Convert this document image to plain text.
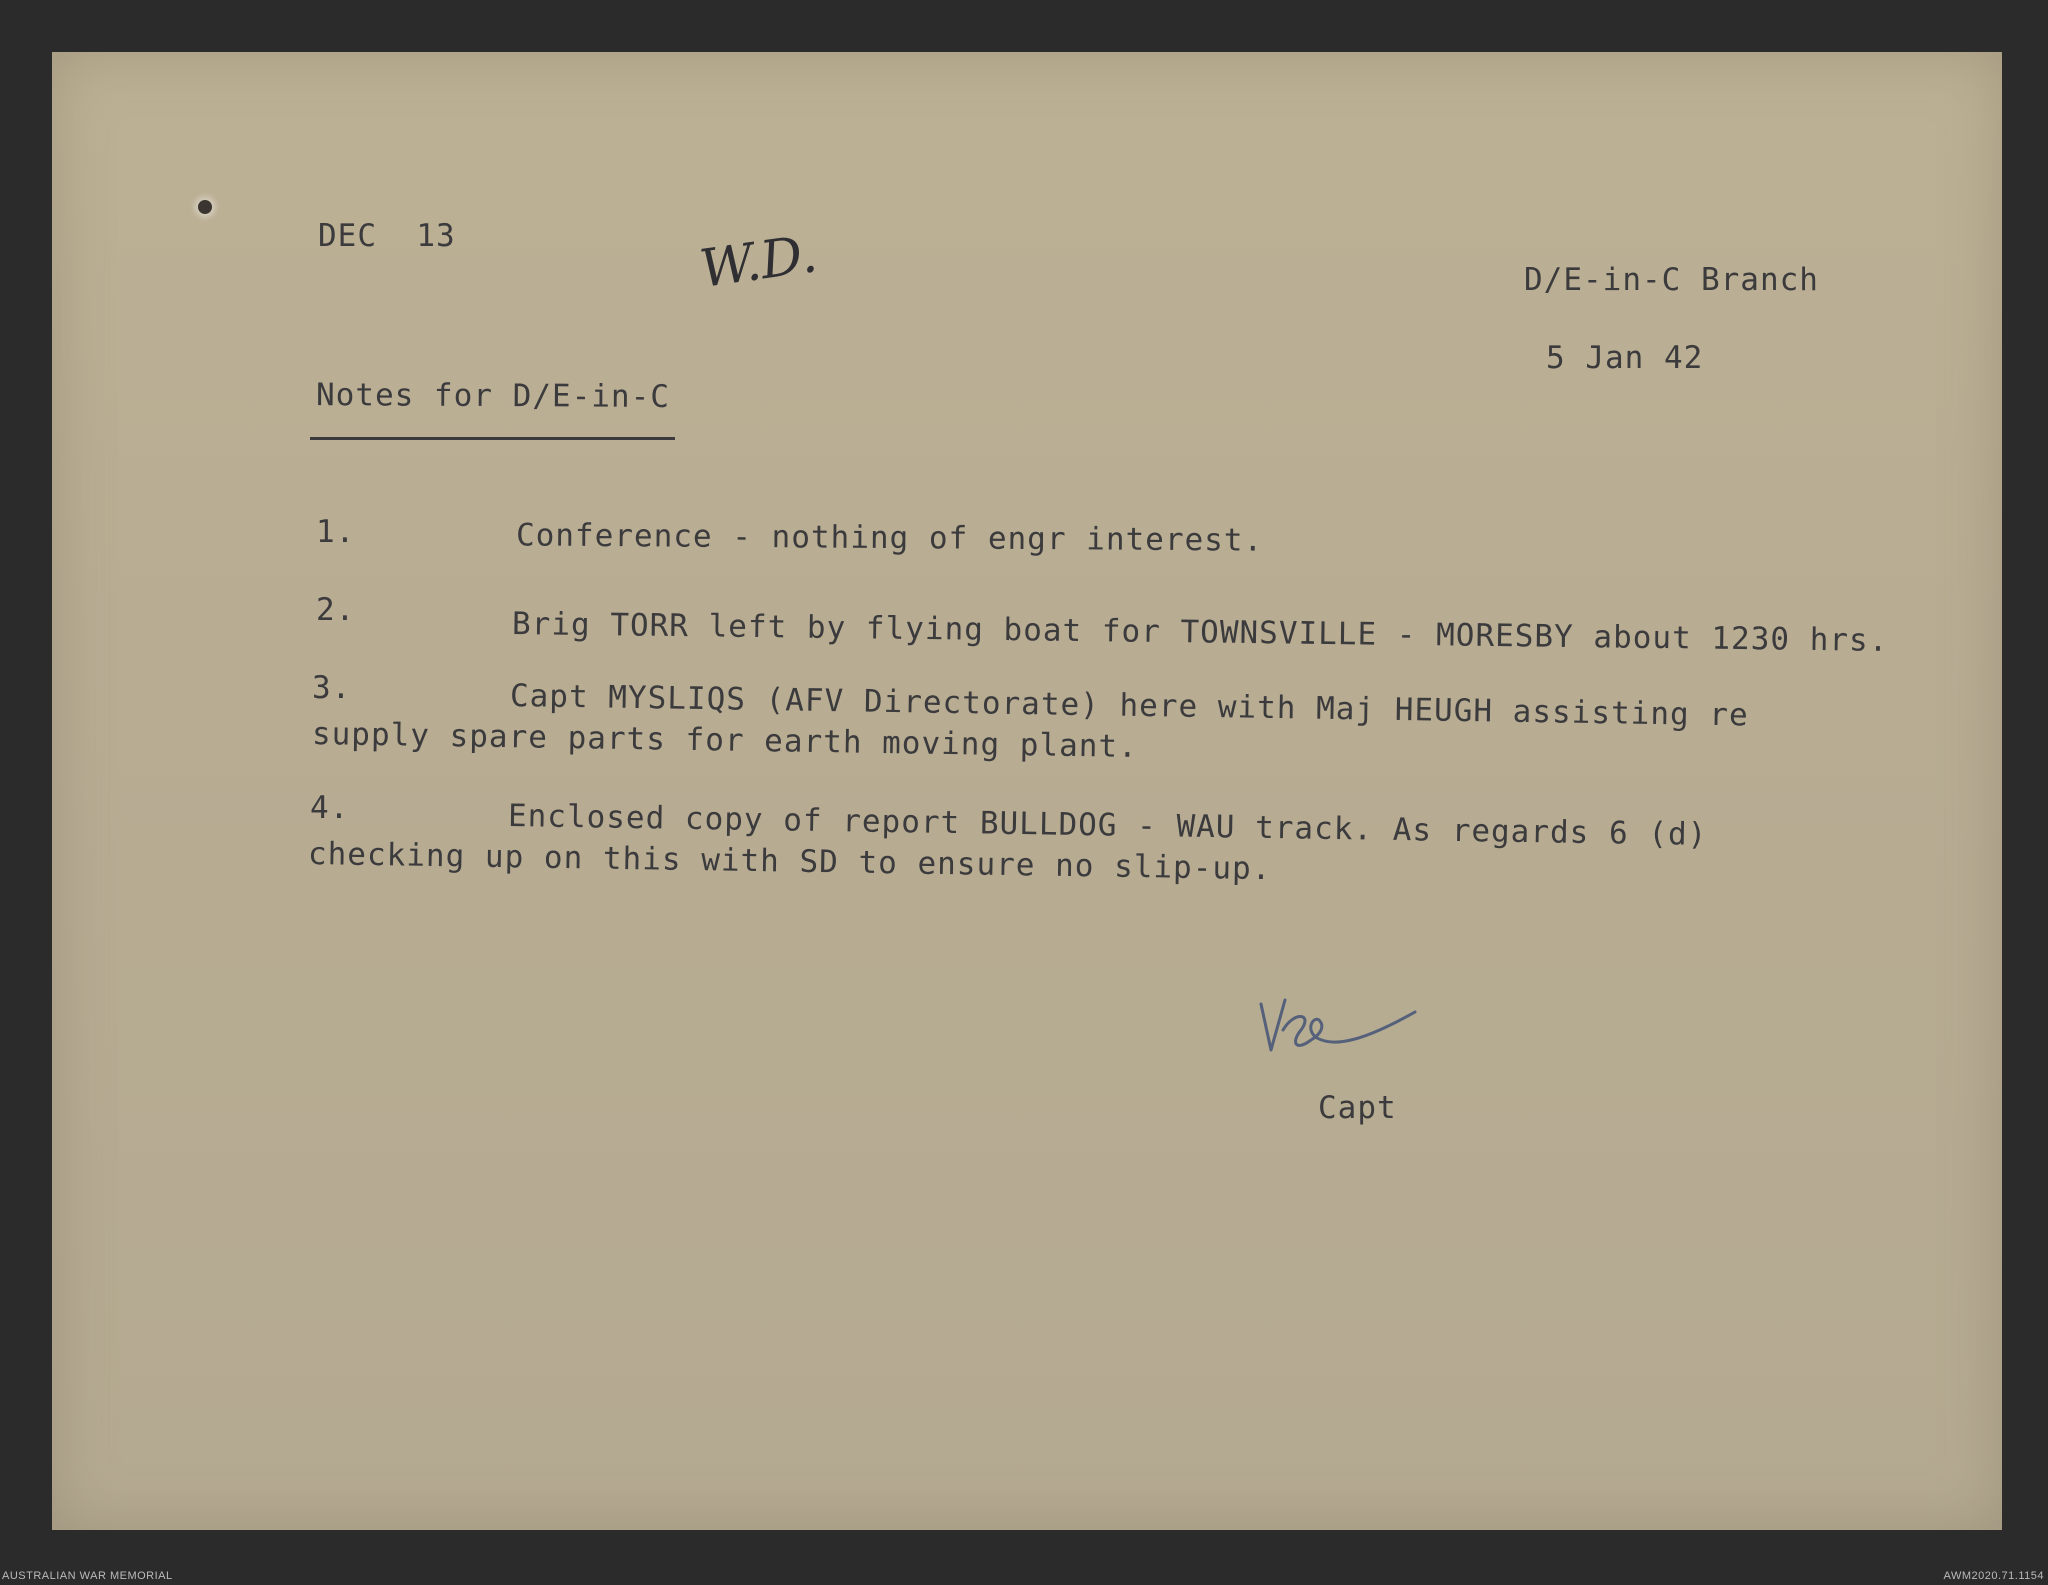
DEC  13	W.D.	D/E-in-C Branch
5 Jan 42
Notes for D/E-in-C
1.	Conference - nothing of engr interest.
2.	Brig TORR left by flying boat for TOWNSVILLE - MORESBY about 1230 hrs.
3.	Capt MYSLIQS (AFV Directorate) here with Maj HEUGH assisting re
supply spare parts for earth moving plant.
4.	Enclosed copy of report BULLDOG - WAU track. As regards 6 (d)
checking up on this with SD to ensure no slip-up.
Capt
AUSTRALIAN WAR MEMORIAL	AWM2020.71.1154
